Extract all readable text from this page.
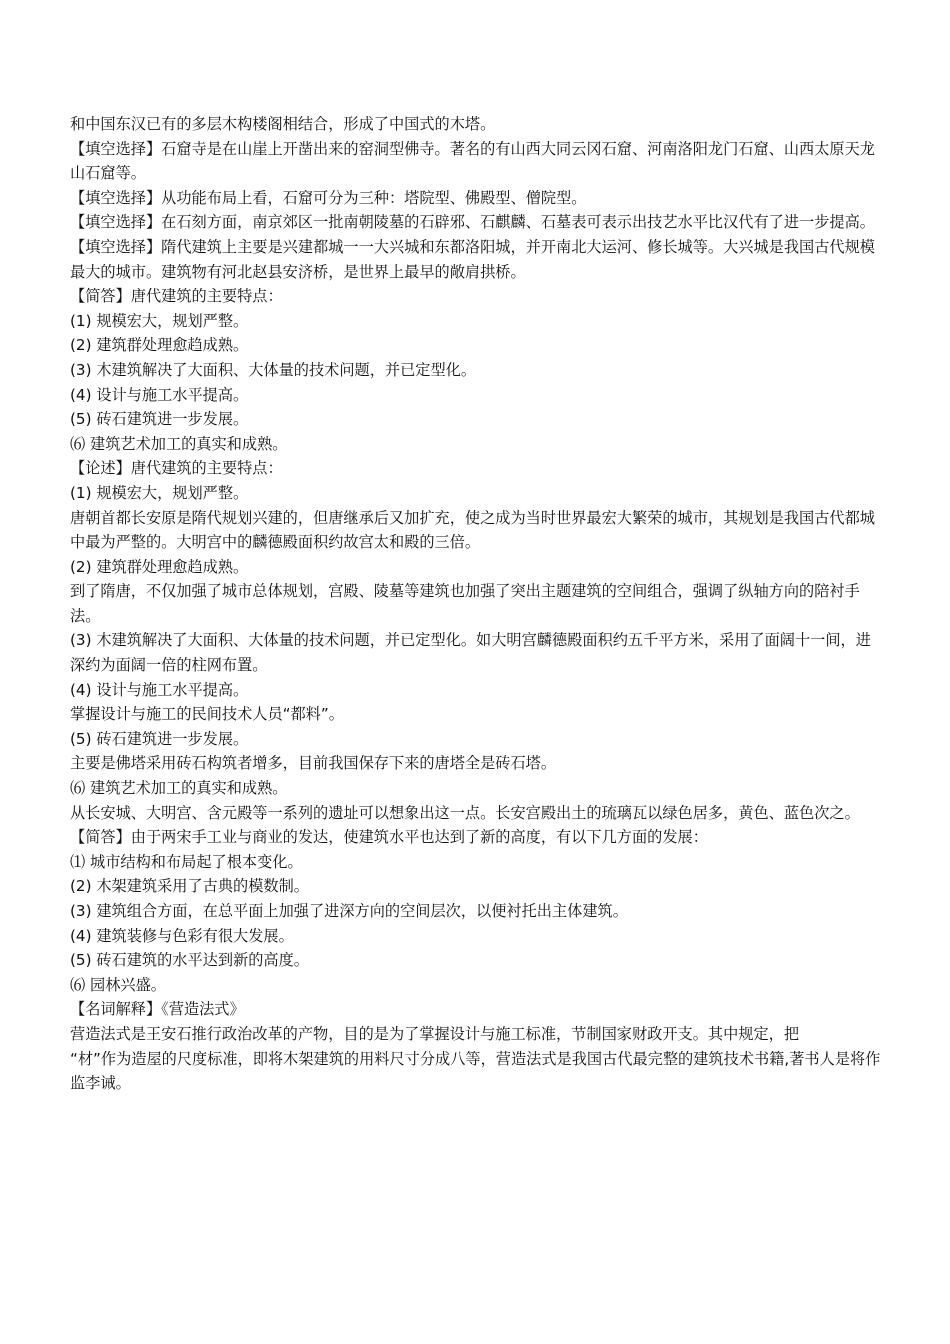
和中国东汉已有的多层木构楼阁相结合，形成了中国式的木塔。

【填空选择】石窟寺是在山崖上开凿出来的窑洞型佛寺。著名的有山西大同云冈石窟、河南洛阳龙门石窟、山西太原天龙山石窟等。

【填空选择】从功能布局上看，石窟可分为三种：塔院型、佛殿型、僧院型。

【填空选择】在石刻方面，南京郊区一批南朝陵墓的石辟邪、石麒麟、石墓表可表示出技艺水平比汉代有了进一步提高。

【填空选择】隋代建筑上主要是兴建都城一一大兴城和东都洛阳城，并开南北大运河、修长城等。大兴城是我国古代规模最大的城市。建筑物有河北赵县安济桥，是世界上最早的敞肩拱桥。

【简答】唐代建筑的主要特点：

(1) 规模宏大，规划严整。

(2) 建筑群处理愈趋成熟。

(3) 木建筑解决了大面积、大体量的技术问题，并已定型化。

(4) 设计与施工水平提高。

(5) 砖石建筑进一步发展。

⑹ 建筑艺术加工的真实和成熟。

【论述】唐代建筑的主要特点：

(1) 规模宏大，规划严整。

唐朝首都长安原是隋代规划兴建的，但唐继承后又加扩充，使之成为当时世界最宏大繁荣的城市，其规划是我国古代都城中最为严整的。大明宫中的麟德殿面积约故宫太和殿的三倍。

(2) 建筑群处理愈趋成熟。

到了隋唐，不仅加强了城市总体规划，宫殿、陵墓等建筑也加强了突出主题建筑的空间组合，强调了纵轴方向的陪衬手法。

(3) 木建筑解决了大面积、大体量的技术问题，并已定型化。如大明宫麟德殿面积约五千平方米，采用了面阔十一间，进深约为面阔一倍的柱网布置。

(4) 设计与施工水平提高。

掌握设计与施工的民间技术人员“都料”。

(5) 砖石建筑进一步发展。

主要是佛塔采用砖石构筑者增多，目前我国保存下来的唐塔全是砖石塔。

⑹ 建筑艺术加工的真实和成熟。

从长安城、大明宫、含元殿等一系列的遗址可以想象出这一点。长安宫殿出土的琉璃瓦以绿色居多，黄色、蓝色次之。

【简答】由于两宋手工业与商业的发达，使建筑水平也达到了新的高度，有以下几方面的发展：

⑴ 城市结构和布局起了根本变化。

(2) 木架建筑采用了古典的模数制。

(3) 建筑组合方面，在总平面上加强了进深方向的空间层次，以便衬托出主体建筑。

(4) 建筑装修与色彩有很大发展。

(5) 砖石建筑的水平达到新的高度。

⑹ 园林兴盛。

【名词解释】《营造法式》

营造法式是王安石推行政治改革的产物，目的是为了掌握设计与施工标准，节制国家财政开支。其中规定，把

“材”作为造屋的尺度标准，即将木架建筑的用料尺寸分成八等，营造法式是我国古代最完整的建筑技术书籍,著书人是将作监李诫。
